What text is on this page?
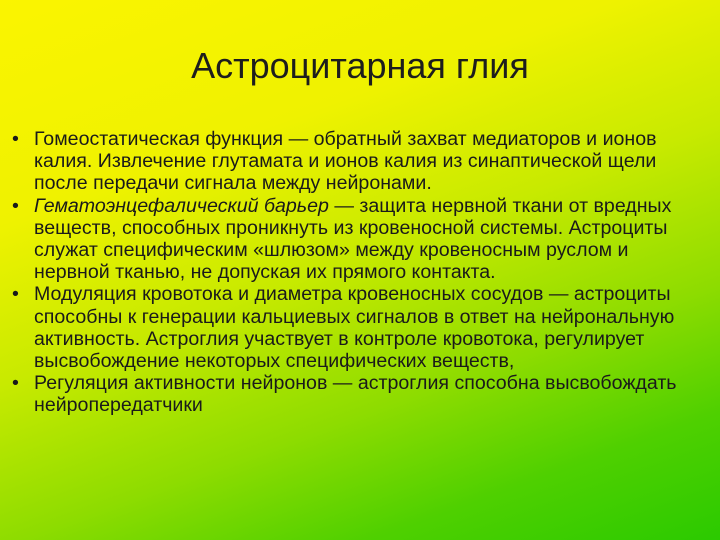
Астроцитарная глия
• Гомеостатическая функция — обратный захват медиаторов и ионов калия. Извлечение глутамата и ионов калия из синаптической щели после передачи сигнала между нейронами.
• Гематоэнцефалический барьер — защита нервной ткани от вредных веществ, способных проникнуть из кровеносной системы. Астроциты служат специфическим «шлюзом» между кровеносным руслом и нервной тканью, не допуская их прямого контакта.
• Модуляция кровотока и диаметра кровеносных сосудов — астроциты способны к генерации кальциевых сигналов в ответ на нейрональную активность. Астроглия участвует в контроле кровотока, регулирует высвобождение некоторых специфических веществ,
• Регуляция активности нейронов — астроглия способна высвобождать нейропередатчики
